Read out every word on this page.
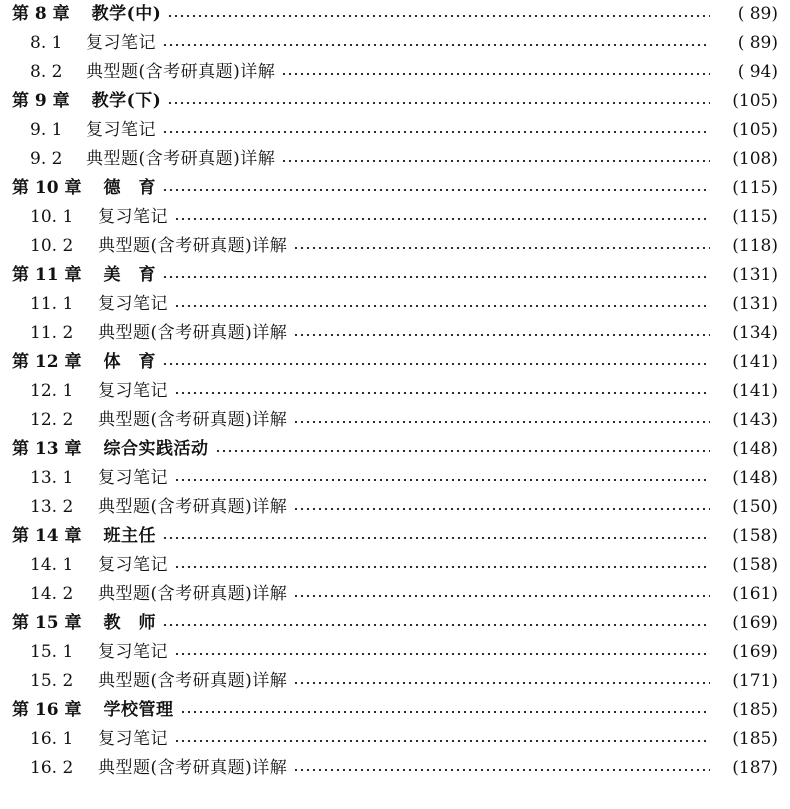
第 8 章 教学(中)	( 89)
8. 1	复习笔记	( 89)
8. 2	典型题(含考研真题)详解	( 94)
第 9 章 教学(下)	(105)
9. 1	复习笔记	(105)
9. 2	典型题(含考研真题)详解	(108)
第 10 章 德　育	(115)
10. 1	复习笔记	(115)
10. 2	典型题(含考研真题)详解	(118)
第 11 章 美　育	(131)
11. 1	复习笔记	(131)
11. 2	典型题(含考研真题)详解	(134)
第 12 章 体　育	(141)
12. 1	复习笔记	(141)
12. 2	典型题(含考研真题)详解	(143)
第 13 章 综合实践活动	(148)
13. 1	复习笔记	(148)
13. 2	典型题(含考研真题)详解	(150)
第 14 章 班主任	(158)
14. 1	复习笔记	(158)
14. 2	典型题(含考研真题)详解	(161)
第 15 章 教　师	(169)
15. 1	复习笔记	(169)
15. 2	典型题(含考研真题)详解	(171)
第 16 章 学校管理	(185)
16. 1	复习笔记	(185)
16. 2	典型题(含考研真题)详解	(187)
